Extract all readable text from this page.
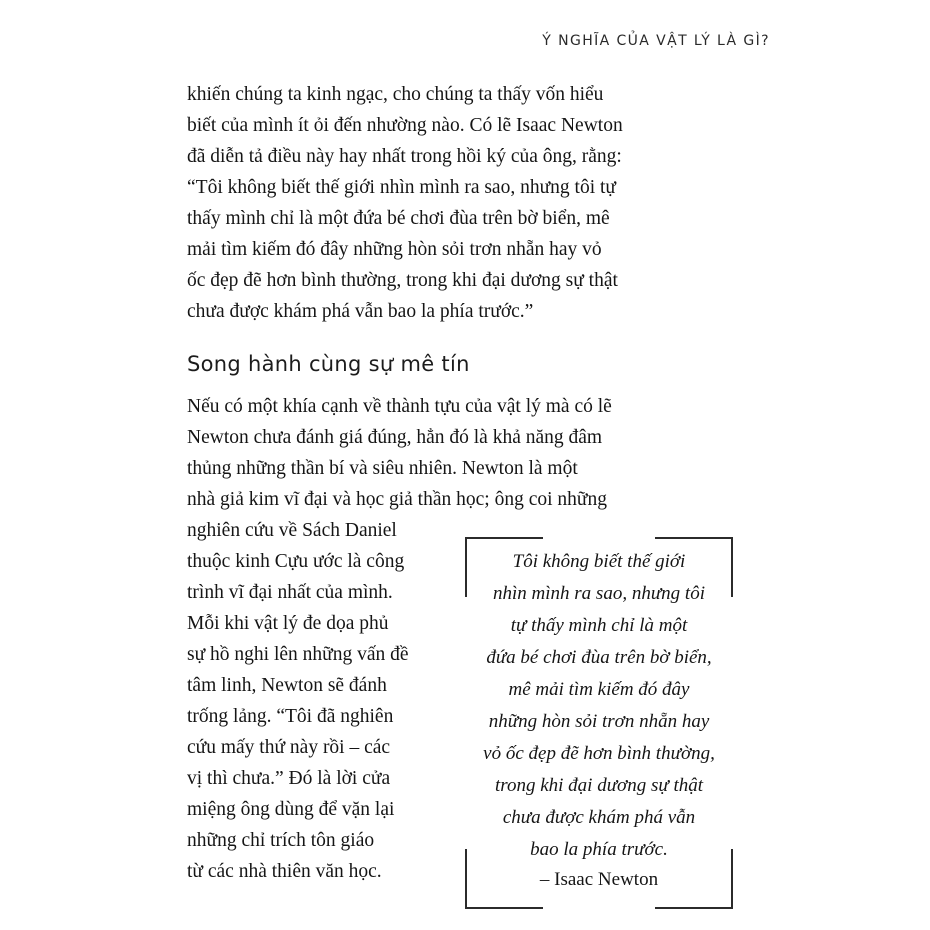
Ý NGHĨA CỦA VẬT LÝ LÀ GÌ?
khiến chúng ta kinh ngạc, cho chúng ta thấy vốn hiểu
biết của mình ít ỏi đến nhường nào. Có lẽ Isaac Newton
đã diễn tả điều này hay nhất trong hồi ký của ông, rằng:
“Tôi không biết thế giới nhìn mình ra sao, nhưng tôi tự
thấy mình chỉ là một đứa bé chơi đùa trên bờ biển, mê
mải tìm kiếm đó đây những hòn sỏi trơn nhẵn hay vỏ
ốc đẹp đẽ hơn bình thường, trong khi đại dương sự thật
chưa được khám phá vẫn bao la phía trước.”
Song hành cùng sự mê tín
Nếu có một khía cạnh về thành tựu của vật lý mà có lẽ
Newton chưa đánh giá đúng, hẳn đó là khả năng đâm
thủng những thần bí và siêu nhiên. Newton là một
nhà giả kim vĩ đại và học giả thần học; ông coi những
nghiên cứu về Sách Daniel
thuộc kinh Cựu ước là công
trình vĩ đại nhất của mình.
Mỗi khi vật lý đe dọa phủ
sự hồ nghi lên những vấn đề
tâm linh, Newton sẽ đánh
trống lảng. “Tôi đã nghiên
cứu mấy thứ này rồi – các
vị thì chưa.” Đó là lời cửa
miệng ông dùng để vặn lại
những chỉ trích tôn giáo
từ các nhà thiên văn học.
Tôi không biết thế giới
nhìn mình ra sao, nhưng tôi
tự thấy mình chỉ là một
đứa bé chơi đùa trên bờ biển,
mê mải tìm kiếm đó đây
những hòn sỏi trơn nhẵn hay
vỏ ốc đẹp đẽ hơn bình thường,
trong khi đại dương sự thật
chưa được khám phá vẫn
bao la phía trước.
– Isaac Newton
